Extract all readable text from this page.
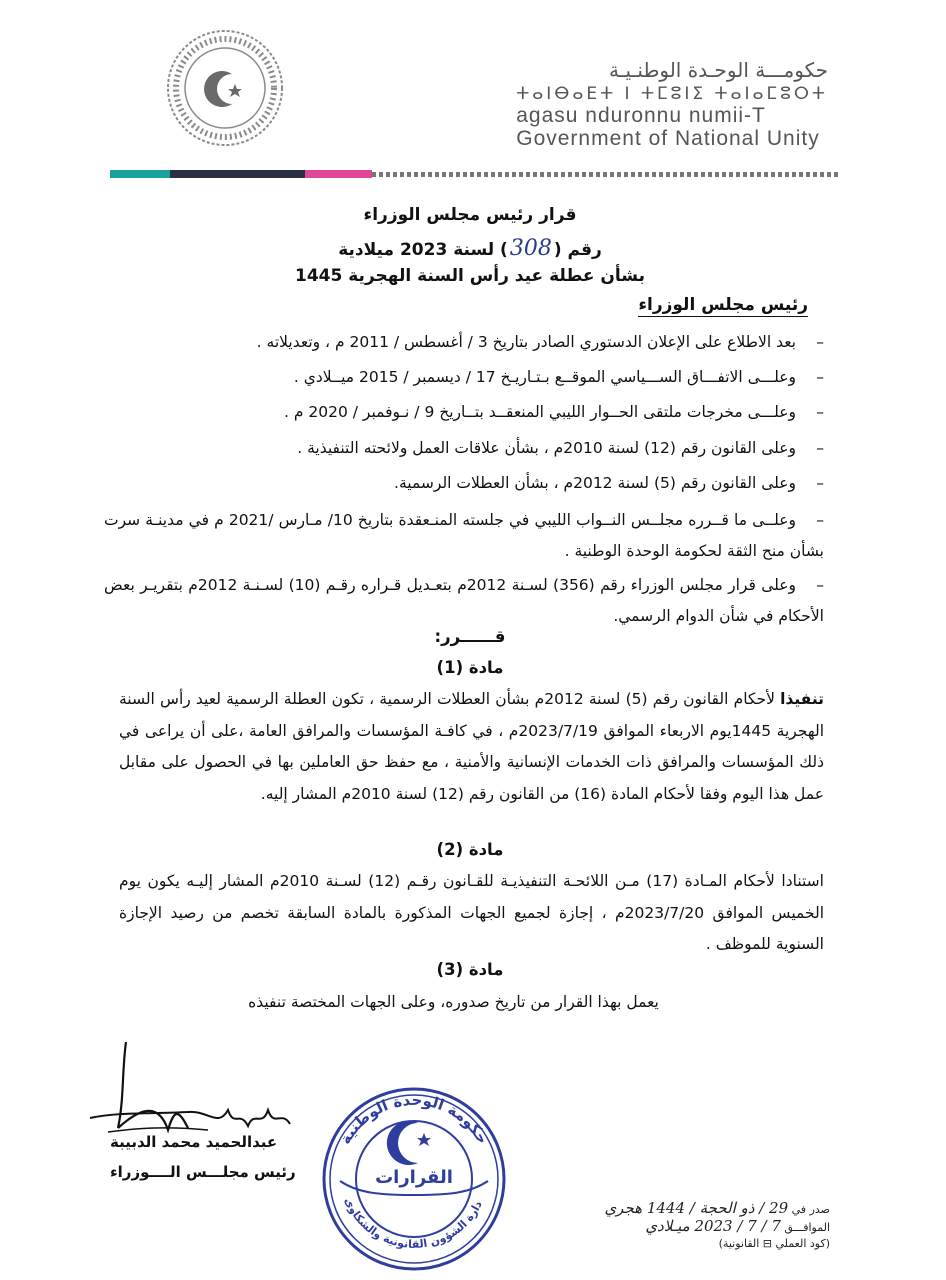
حكومـــة الوحـدة الوطنـيـة
ⵜⴰⵏⴱⴰⴹⵜ ⵏ ⵜⵎⵓⵏⵉ ⵜⴰⵏⴰⵎⵓⵔⵜ
agasu nduronnu numii-T
Government of National Unity
قرار رئيس مجلس الوزراء
رقم (308) لسنة 2023 ميلادية
بشأن عطلة عيد رأس السنة الهجرية 1445
رئيس مجلس الوزراء
–بعد الاطلاع على الإعلان الدستوري الصادر بتاريخ 3 / أغسطس / 2011 م ، وتعديلاته .
–وعلـــى الاتفـــاق الســـياسي الموقــع بـتـاريـخ 17 / ديسمبر / 2015 ميــلادي .
–وعلـــى مخرجات ملتقى الحــوار الليبي المنعقــد بتــاريخ 9 / نـوفمبر / 2020 م .
–وعلى القانون رقم (12) لسنة 2010م ، بشأن علاقات العمل ولائحته التنفيذية .
–وعلى القانون رقم (5) لسنة 2012م ، بشأن العطلات الرسمية.
–وعلــى ما قــرره مجلــس النــواب الليبي في جلسته المنـعقدة بتاريخ 10/ مـارس /2021 م في مدينـة سرت بشأن منح الثقة لحكومة الوحدة الوطنية .
–وعلى قرار مجلس الوزراء رقم (356) لسـنة 2012م بتعـديل قـراره رقـم (10) لسـنـة 2012م بتقريـر بعض الأحكام في شأن الدوام الرسمي.
قــــــرر:
مادة (1)
تنفيذا لأحكام القانون رقم (5) لسنة 2012م بشأن العطلات الرسمية ، تكون العطلة الرسمية لعيد رأس السنة الهجرية 1445يوم الاربعاء الموافق 2023/7/19م ، في كافـة المؤسسات والمرافق العامة ،على أن يراعى في ذلك المؤسسات والمرافق ذات الخدمات الإنسانية والأمنية ، مع حفظ حق العاملين بها في الحصول على مقابل عمل هذا اليوم وفقا لأحكام المادة (16) من القانون رقم (12) لسنة 2010م المشار إليه.
مادة (2)
استنادا لأحكام المـادة (17) مـن اللائحـة التنفيذيـة للقـانون رقـم (12) لسـنة 2010م المشار إليـه يكون يوم الخميس الموافق 2023/7/20م ، إجازة لجميع الجهات المذكورة بالمادة السابقة تخصم من رصيد الإجازة السنوية للموظف .
مادة (3)
يعمل بهذا القرار من تاريخ صدوره، وعلى الجهات المختصة تنفيذه
عبدالحميد محمد الدبيبة
رئيس مجلـــس الــــوزراء	القرارات
حكومة الوحدة الوطنية
دارة الشؤون القانونية والشكاوى
صدر في 29 / ذو الحجة / 1444 هجري
الموافـــق 7 / 7 / 2023 ميـلادي
(كود العملي ⊟ القانونية)
